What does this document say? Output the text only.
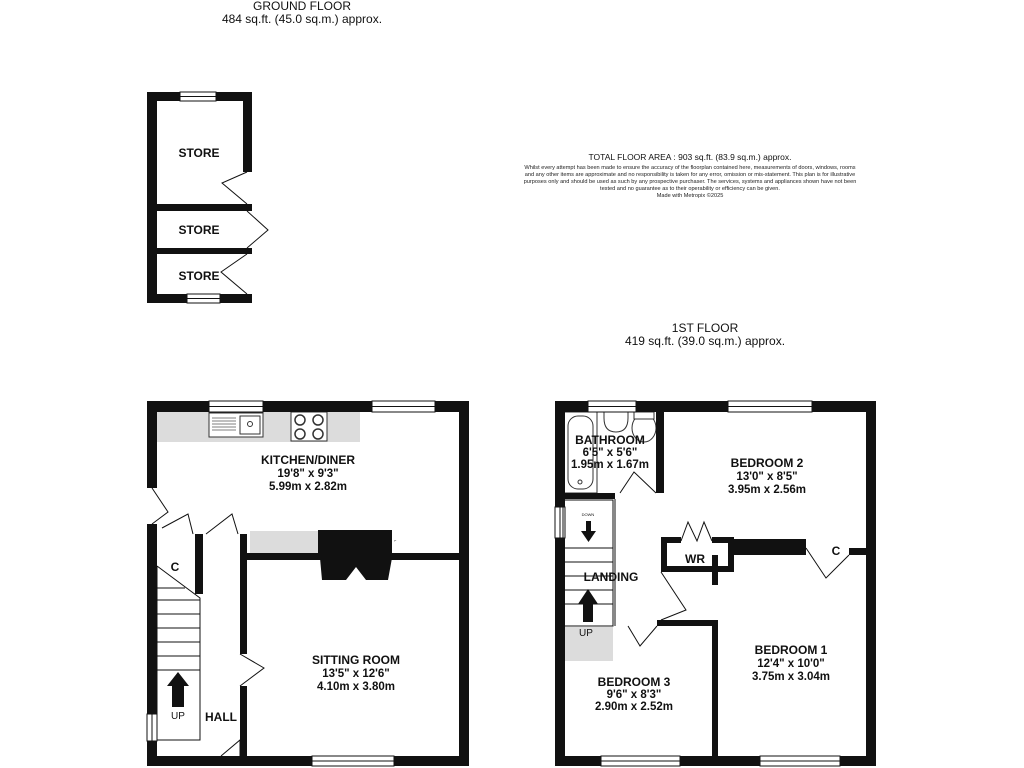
GROUND FLOOR
484 sq.ft. (45.0 sq.m.) approx.
1ST FLOOR
419 sq.ft. (39.0 sq.m.) approx.
TOTAL FLOOR AREA : 903 sq.ft. (83.9 sq.m.) approx.
Whilst every attempt has been made to ensure the accuracy of the floorplan contained here, measurements of doors, windows, rooms and any other items are approximate and no responsibility is taken for any error, omission or mis-statement. This plan is for illustrative purposes only and should be used as such by any prospective purchaser. The services, systems and appliances shown have not been tested and no guarantee as to their operability or efficiency can be given.
Made with Metropix ©2025
STORE
STORE
STORE
⌐
UP
C
HALL
KITCHEN/DINER
19'8" x 9'3"
5.99m x 2.82m
SITTING ROOM
13'5" x 12'6"
4.10m x 3.80m
DOWN
UP
BATHROOM
6'5" x 5'6"
1.95m x 1.67m	BEDROOM 2
13'0" x 8'5"
3.95m x 2.56m
WR
C
LANDING
BEDROOM 1
12'4" x 10'0"
3.75m x 3.04m
BEDROOM 3
9'6" x 8'3"
2.90m x 2.52m
